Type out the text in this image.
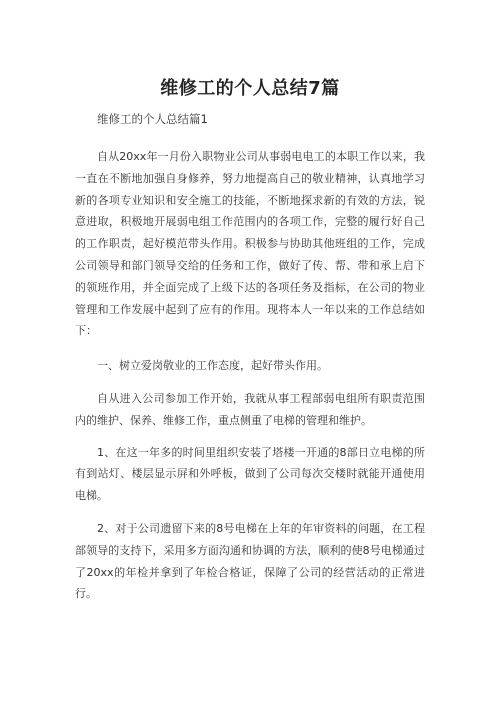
维修工的个人总结7篇
维修工的个人总结篇1

自从20xx年一月份入职物业公司从事弱电电工的本职工作以来，我一直在不断地加强自身修养，努力地提高自己的敬业精神，认真地学习新的各项专业知识和安全施工的技能，不断地探求新的有效的方法，锐意进取，积极地开展弱电组工作范围内的各项工作，完整的履行好自己的工作职责，起好模范带头作用。积极参与协助其他班组的工作，完成公司领导和部门领导交给的任务和工作，做好了传、帮、带和承上启下的领班作用，并全面完成了上级下达的各项任务及指标，在公司的物业管理和工作发展中起到了应有的作用。现将本人一年以来的工作总结如下：

一、树立爱岗敬业的工作态度，起好带头作用。

自从进入公司参加工作开始，我就从事工程部弱电组所有职责范围内的维护、保养、维修工作，重点侧重了电梯的管理和维护。

1、在这一年多的时间里组织安装了塔楼一开通的8部日立电梯的所有到站灯、楼层显示屏和外呼板，做到了公司每次交楼时就能开通使用电梯。

2、对于公司遗留下来的8号电梯在上年的年审资料的问题，在工程部领导的支持下，采用多方面沟通和协调的方法，顺利的使8号电梯通过了20xx的年检并拿到了年检合格证，保障了公司的经营活动的正常进行。
